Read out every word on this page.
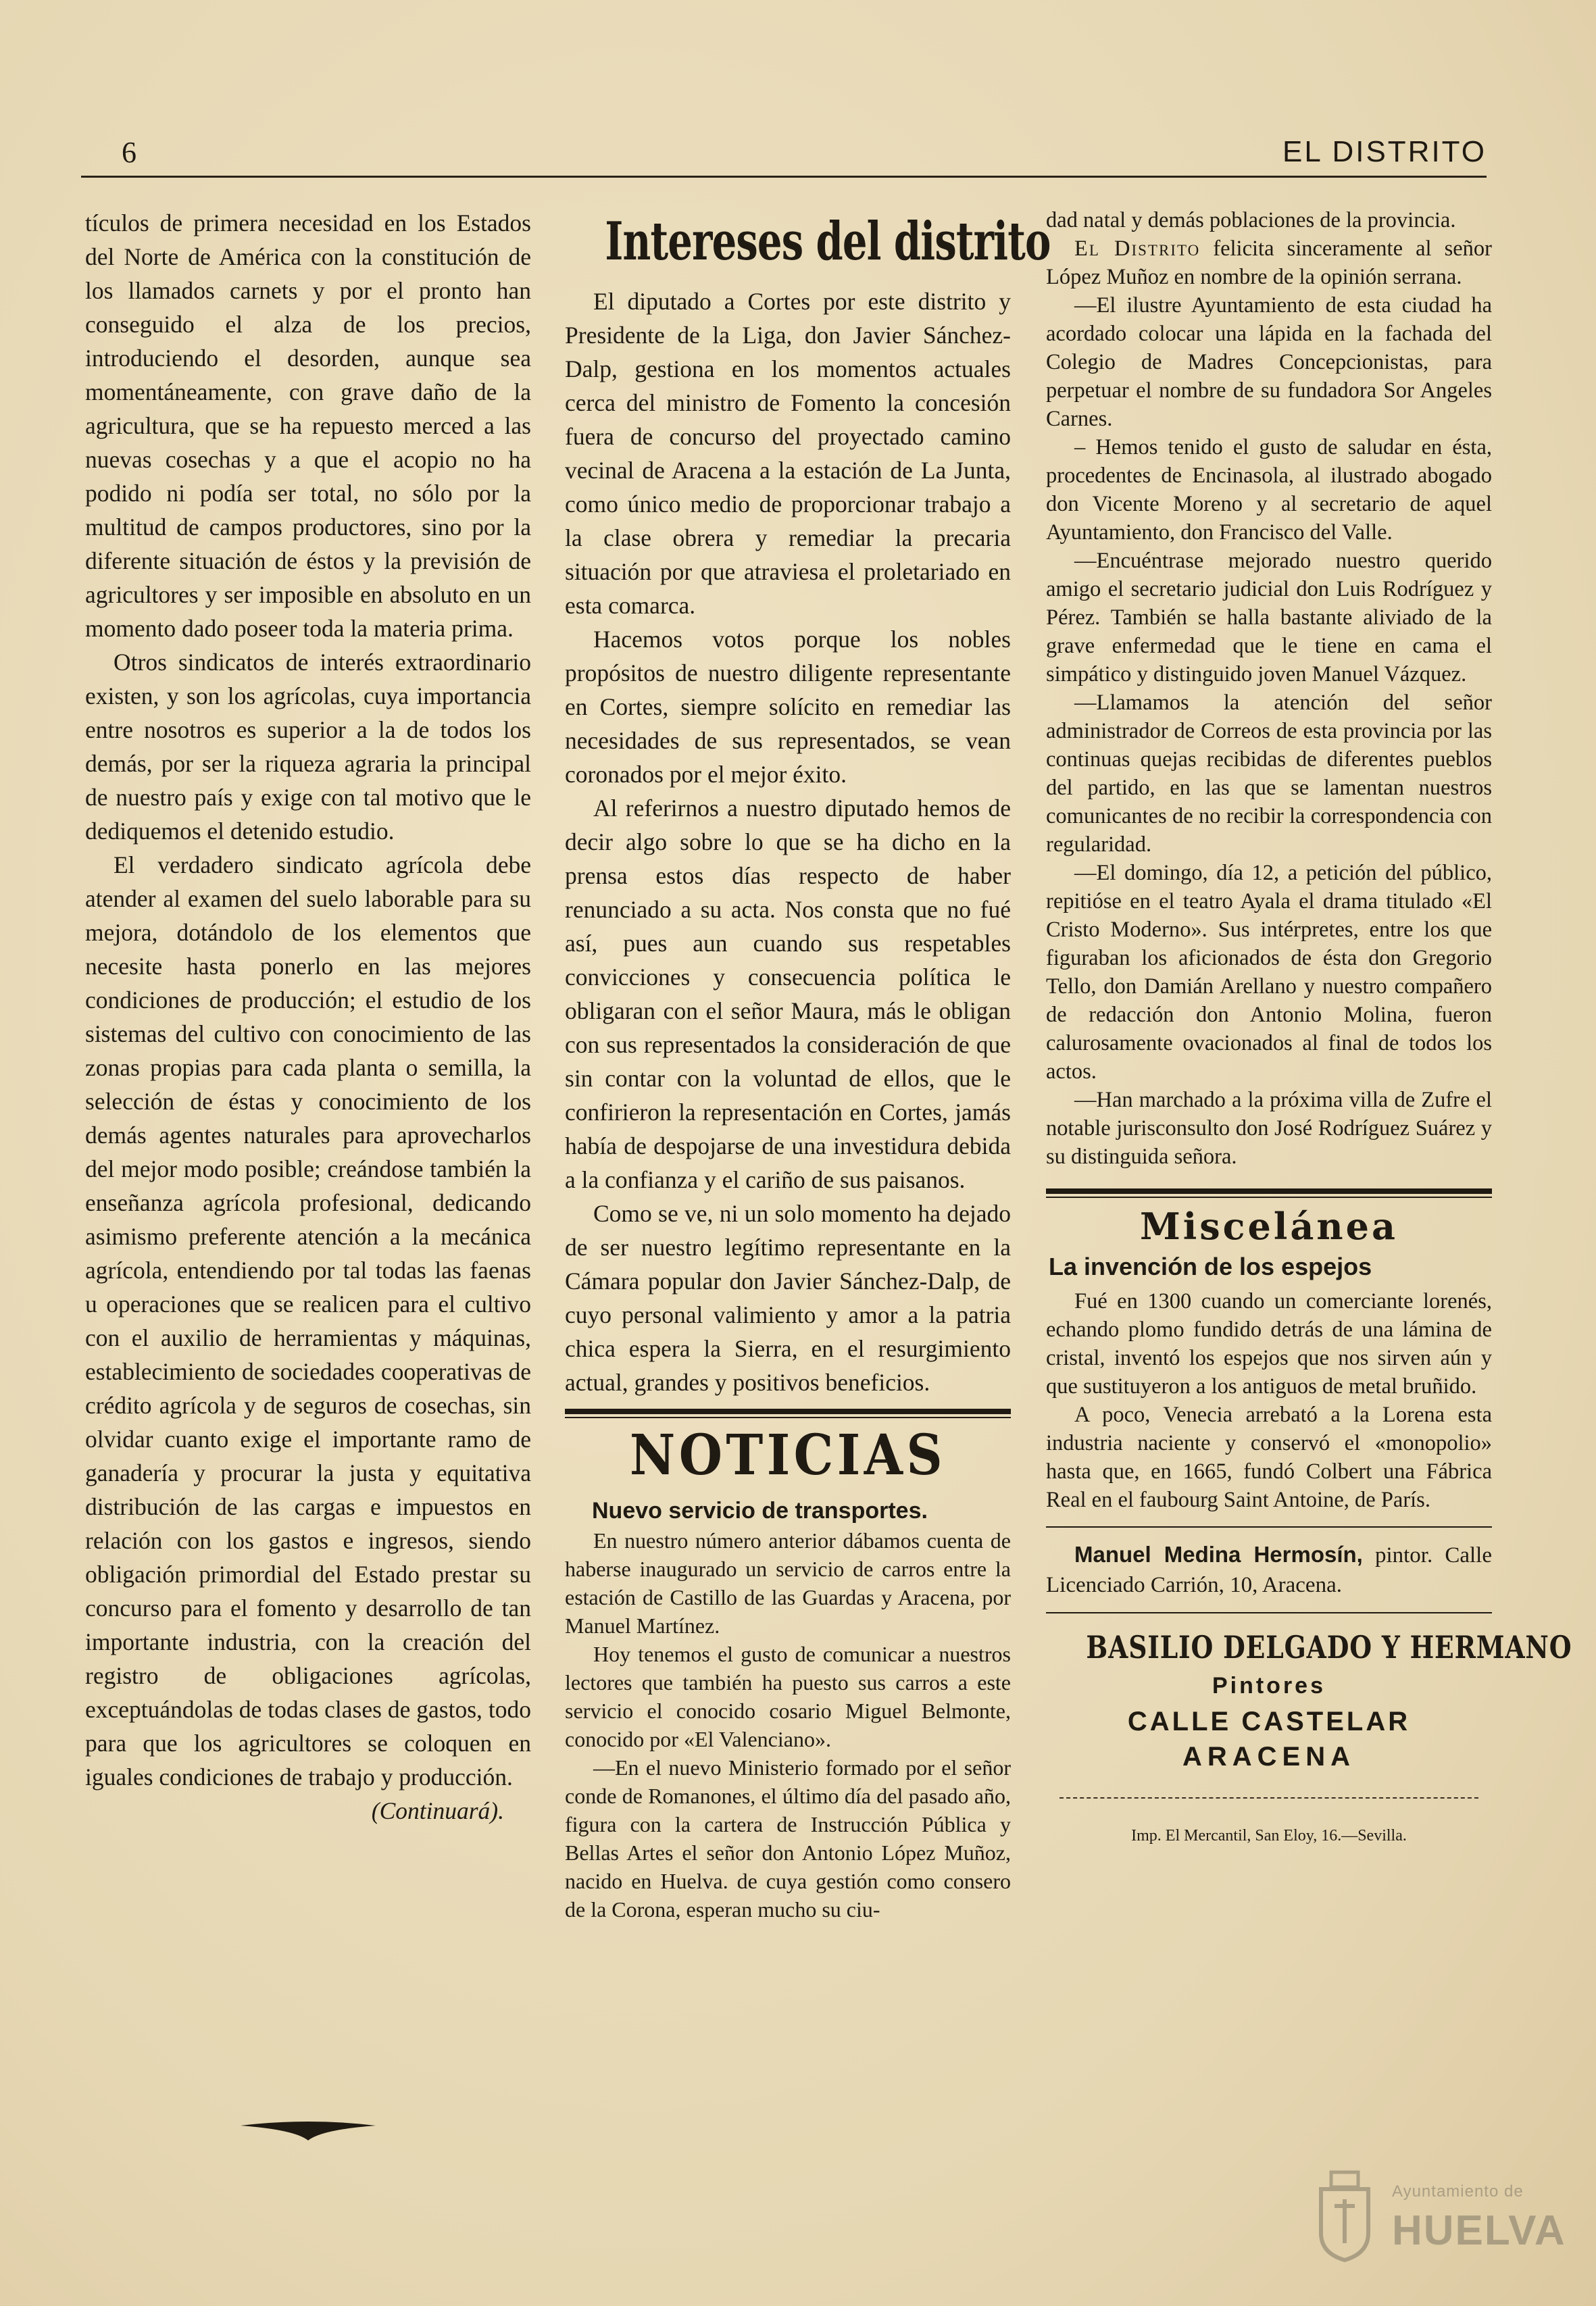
6	EL DISTRITO

tículos de primera necesidad en los Estados del Norte de América con la constitución de los llamados carnets y por el pronto han conseguido el alza de los precios, introduciendo el desorden, aunque sea momentáneamente, con grave daño de la agricultura, que se ha repuesto merced a las nuevas cosechas y a que el acopio no ha podido ni podía ser total, no sólo por la multitud de campos productores, sino por la diferente situación de éstos y la previsión de agricultores y ser imposible en absoluto en un momento dado poseer toda la materia prima.

Otros sindicatos de interés extraordinario existen, y son los agrícolas, cuya importancia entre nosotros es superior a la de todos los demás, por ser la riqueza agraria la principal de nuestro país y exige con tal motivo que le dediquemos el detenido estudio.

El verdadero sindicato agrícola debe atender al examen del suelo laborable para su mejora, dotándolo de los elementos que necesite hasta ponerlo en las mejores condiciones de producción; el estudio de los sistemas del cultivo con conocimiento de las zonas propias para cada planta o semilla, la selección de éstas y conocimiento de los demás agentes naturales para aprovecharlos del mejor modo posible; creándose también la enseñanza agrícola profesional, dedicando asimismo preferente atención a la mecánica agrícola, entendiendo por tal todas las faenas u operaciones que se realicen para el cultivo con el auxilio de herramientas y máquinas, establecimiento de sociedades cooperativas de crédito agrícola y de seguros de cosechas, sin olvidar cuanto exige el importante ramo de ganadería y procurar la justa y equitativa distribución de las cargas e impuestos en relación con los gastos e ingresos, siendo obligación primordial del Estado prestar su concurso para el fomento y desarrollo de tan importante industria, con la creación del registro de obligaciones agrícolas, exceptuándolas de todas clases de gastos, todo para que los agricultores se coloquen en iguales condiciones de trabajo y producción.

(Continuará).

Intereses del distrito

El diputado a Cortes por este distrito y Presidente de la Liga, don Javier Sánchez-Dalp, gestiona en los momentos actuales cerca del ministro de Fomento la concesión fuera de concurso del proyectado camino vecinal de Aracena a la estación de La Junta, como único medio de proporcionar trabajo a la clase obrera y remediar la precaria situación por que atraviesa el proletariado en esta comarca.

Hacemos votos porque los nobles propósitos de nuestro diligente representante en Cortes, siempre solícito en remediar las necesidades de sus representados, se vean coronados por el mejor éxito.

Al referirnos a nuestro diputado hemos de decir algo sobre lo que se ha dicho en la prensa estos días respecto de haber renunciado a su acta. Nos consta que no fué así, pues aun cuando sus respetables convicciones y consecuencia política le obligaran con el señor Maura, más le obligan con sus representados la consideración de que sin contar con la voluntad de ellos, que le confirieron la representación en Cortes, jamás había de despojarse de una investidura debida a la confianza y el cariño de sus paisanos.

Como se ve, ni un solo momento ha dejado de ser nuestro legítimo representante en la Cámara popular don Javier Sánchez-Dalp, de cuyo personal valimiento y amor a la patria chica espera la Sierra, en el resurgimiento actual, grandes y positivos beneficios.

NOTICIAS
Nuevo servicio de transportes.

En nuestro número anterior dábamos cuenta de haberse inaugurado un servicio de carros entre la estación de Castillo de las Guardas y Aracena, por Manuel Martínez.

Hoy tenemos el gusto de comunicar a nuestros lectores que también ha puesto sus carros a este servicio el conocido cosario Miguel Belmonte, conocido por «El Valenciano».

—En el nuevo Ministerio formado por el señor conde de Romanones, el último día del pasado año, figura con la cartera de Instrucción Pública y Bellas Artes el señor don Antonio López Muñoz, nacido en Huelva. de cuya gestión como consero de la Corona, esperan mucho su ciu-

dad natal y demás poblaciones de la provincia.

El Distrito felicita sinceramente al señor López Muñoz en nombre de la opinión serrana.

—El ilustre Ayuntamiento de esta ciudad ha acordado colocar una lápida en la fachada del Colegio de Madres Concepcionistas, para perpetuar el nombre de su fundadora Sor Angeles Carnes.

– Hemos tenido el gusto de saludar en ésta, procedentes de Encinasola, al ilustrado abogado don Vicente Moreno y al secretario de aquel Ayuntamiento, don Francisco del Valle.

—Encuéntrase mejorado nuestro querido amigo el secretario judicial don Luis Rodríguez y Pérez. También se halla bastante aliviado de la grave enfermedad que le tiene en cama el simpático y distinguido joven Manuel Vázquez.

—Llamamos la atención del señor administrador de Correos de esta provincia por las continuas quejas recibidas de diferentes pueblos del partido, en las que se lamentan nuestros comunicantes de no recibir la correspondencia con regularidad.

—El domingo, día 12, a petición del público, repitióse en el teatro Ayala el drama titulado «El Cristo Moderno». Sus intérpretes, entre los que figuraban los aficionados de ésta don Gregorio Tello, don Damián Arellano y nuestro compañero de redacción don Antonio Molina, fueron calurosamente ovacionados al final de todos los actos.

—Han marchado a la próxima villa de Zufre el notable jurisconsulto don José Rodríguez Suárez y su distinguida señora.

Miscelánea
La invención de los espejos

Fué en 1300 cuando un comerciante lorenés, echando plomo fundido detrás de una lámina de cristal, inventó los espejos que nos sirven aún y que sustituyeron a los antiguos de metal bruñido.

A poco, Venecia arrebató a la Lorena esta industria naciente y conservó el «monopolio» hasta que, en 1665, fundó Colbert una Fábrica Real en el faubourg Saint Antoine, de París.

Manuel Medina Hermosín, pintor. Calle Licenciado Carrión, 10, Aracena.

BASILIO DELGADO Y HERMANO
Pintores
CALLE CASTELAR
ARACENA
Imp. El Mercantil, San Eloy, 16.—Sevilla.
Ayuntamiento de
HUELVA
